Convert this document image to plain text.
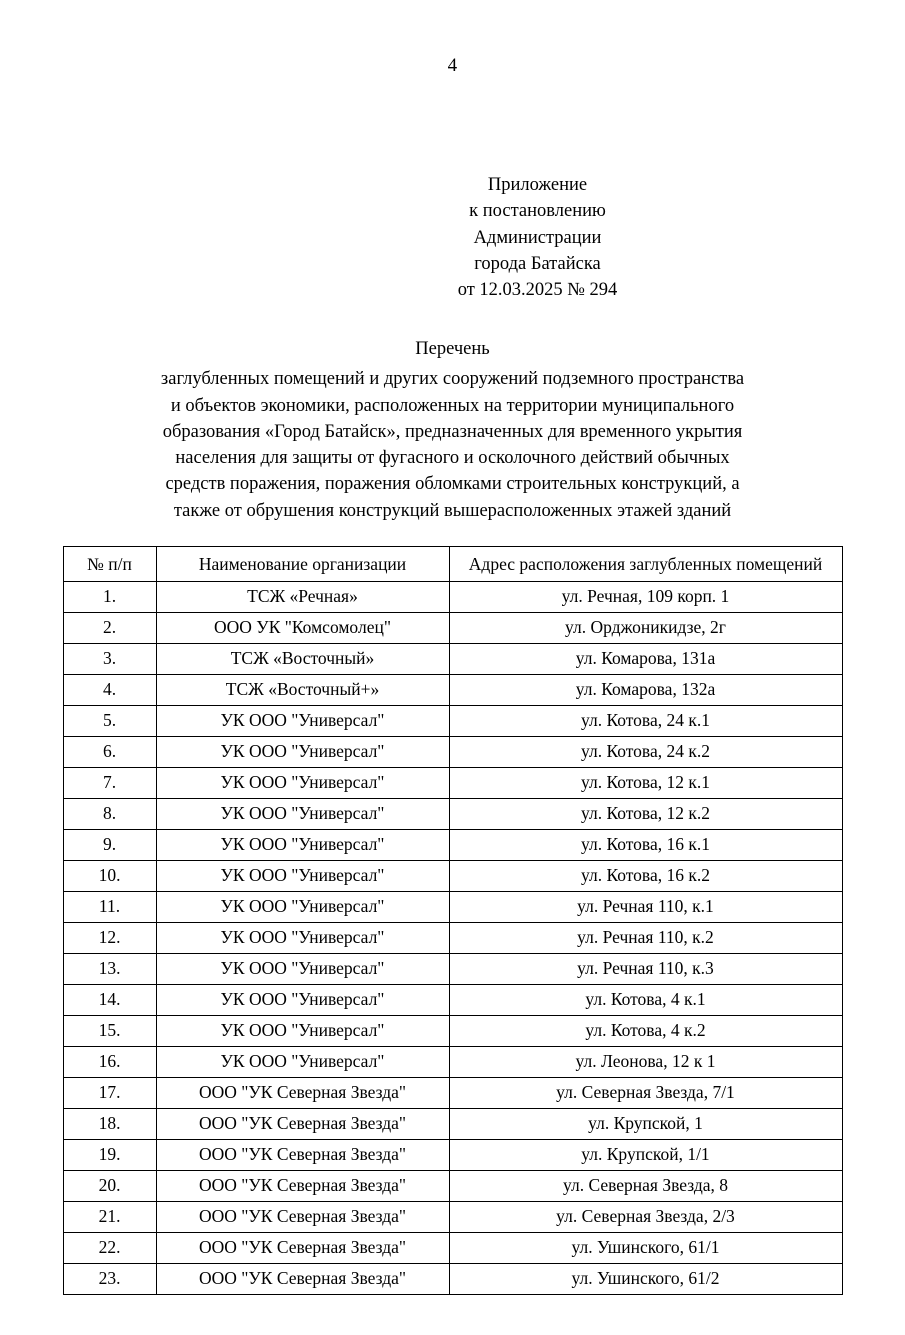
4
Приложение
к постановлению
Администрации
города Батайска
от 12.03.2025 № 294
Перечень
заглубленных помещений и других сооружений подземного пространства
и объектов экономики, расположенных на территории муниципального
образования «Город Батайск», предназначенных для временного укрытия
населения для защиты от фугасного и осколочного действий обычных
средств поражения, поражения обломками строительных конструкций, а
также от обрушения конструкций вышерасположенных этажей зданий
№ п/п	Наименование организации	Адрес расположения заглубленных помещений
1.	ТСЖ «Речная»	ул. Речная, 109 корп. 1
2.	ООО УК "Комсомолец"	ул. Орджоникидзе, 2г
3.	ТСЖ «Восточный»	ул. Комарова, 131а
4.	ТСЖ «Восточный+»	ул. Комарова, 132а
5.	УК ООО "Универсал"	ул. Котова, 24 к.1
6.	УК ООО "Универсал"	ул. Котова, 24 к.2
7.	УК ООО "Универсал"	ул. Котова, 12 к.1
8.	УК ООО "Универсал"	ул. Котова, 12 к.2
9.	УК ООО "Универсал"	ул. Котова, 16 к.1
10.	УК ООО "Универсал"	ул. Котова, 16 к.2
11.	УК ООО "Универсал"	ул. Речная 110, к.1
12.	УК ООО "Универсал"	ул. Речная 110, к.2
13.	УК ООО "Универсал"	ул. Речная 110, к.3
14.	УК ООО "Универсал"	ул. Котова, 4 к.1
15.	УК ООО "Универсал"	ул. Котова, 4 к.2
16.	УК ООО "Универсал"	ул. Леонова, 12 к 1
17.	ООО "УК Северная Звезда"	ул. Северная Звезда, 7/1
18.	ООО "УК Северная Звезда"	ул. Крупской, 1
19.	ООО "УК Северная Звезда"	ул. Крупской, 1/1
20.	ООО "УК Северная Звезда"	ул. Северная Звезда, 8
21.	ООО "УК Северная Звезда"	ул. Северная Звезда, 2/3
22.	ООО "УК Северная Звезда"	ул. Ушинского, 61/1
23.	ООО "УК Северная Звезда"	ул. Ушинского, 61/2
